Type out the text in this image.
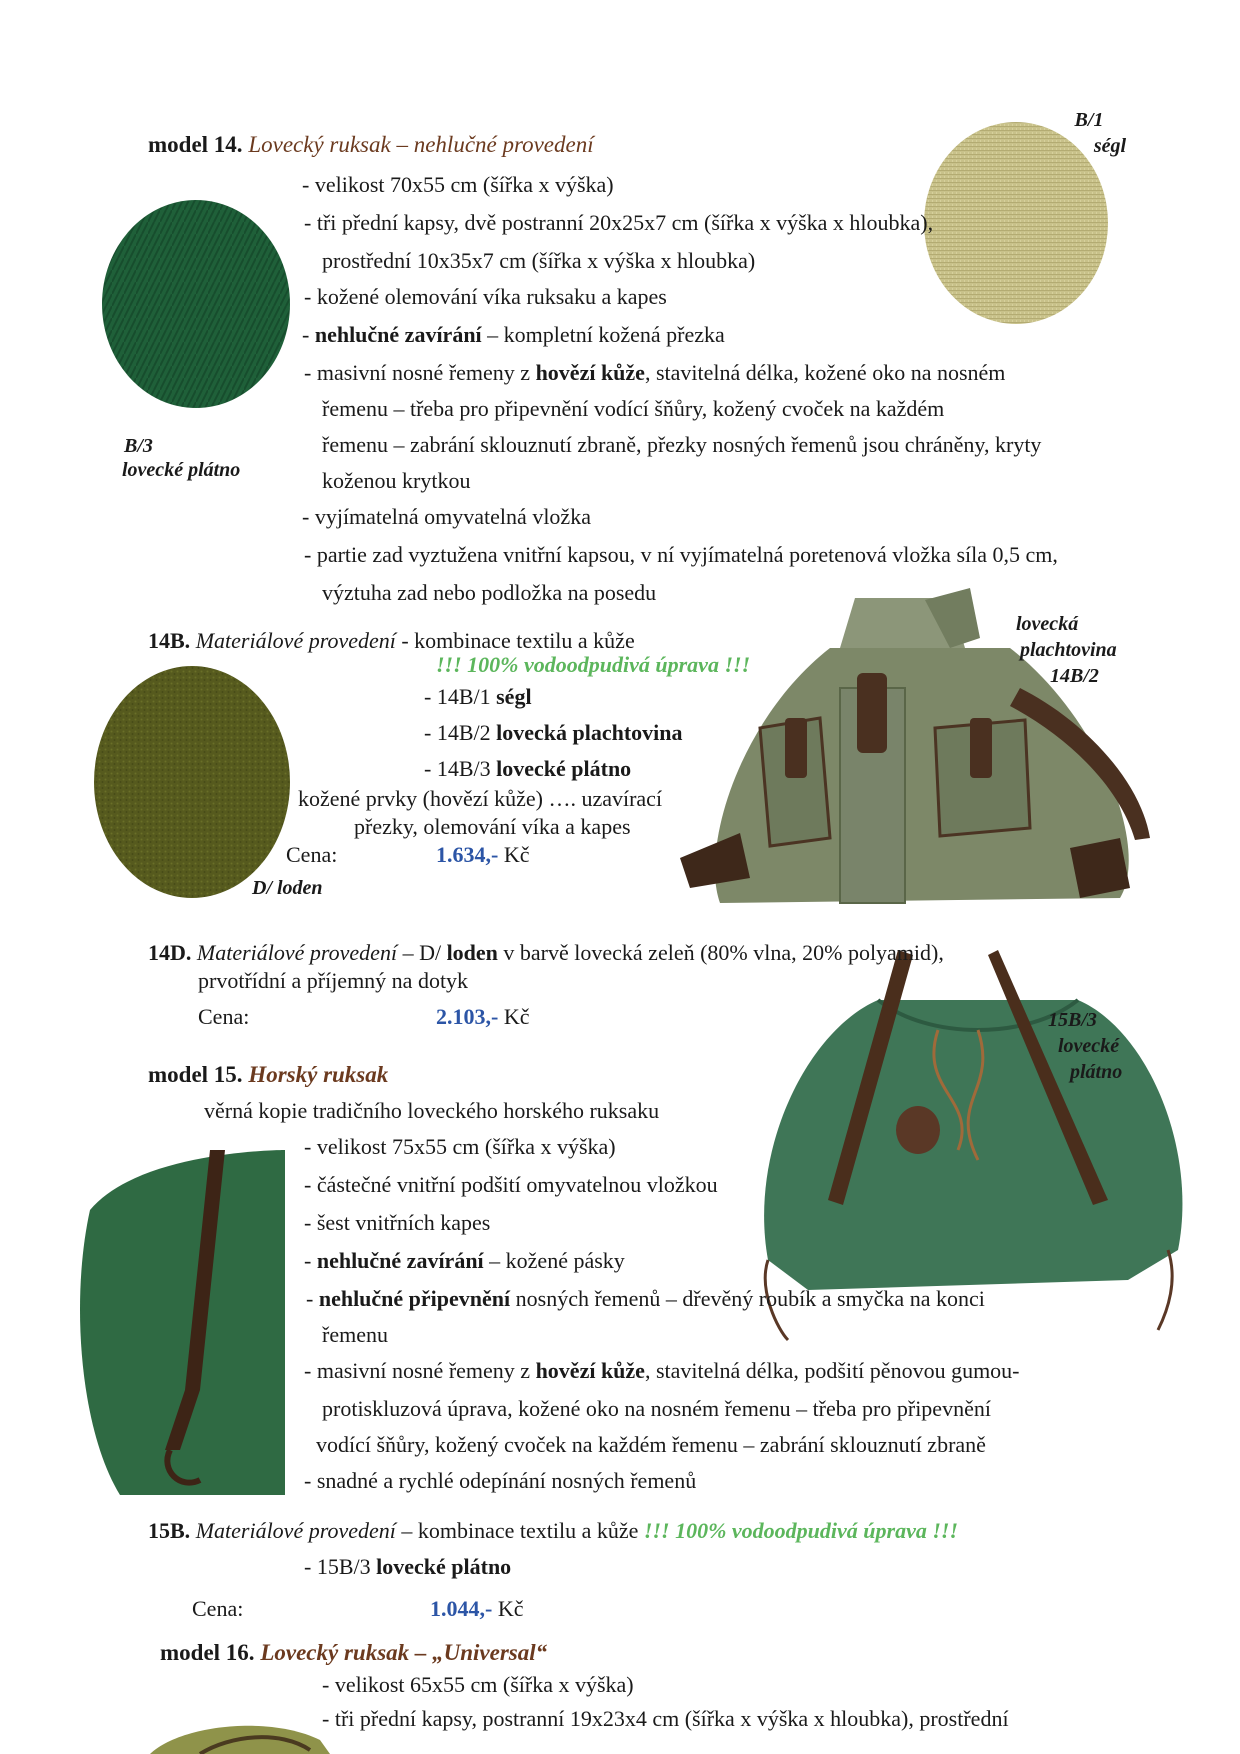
B/1
ségl
B/3
lovecké plátno
lovecká
plachtovina
14B/2
D/ loden
15B/3
lovecké
plátno
model 14. Lovecký ruksak – nehlučné provedení
- velikost 70x55 cm (šířka x výška)
- tři přední kapsy, dvě postranní 20x25x7 cm (šířka x výška x hloubka),
prostřední 10x35x7 cm (šířka x výška x hloubka)
- kožené olemování víka ruksaku a kapes
- nehlučné zavírání – kompletní kožená přezka
- masivní nosné řemeny z hovězí kůže, stavitelná délka, kožené oko na nosném
řemenu – třeba pro připevnění vodící šňůry, kožený cvoček na každém
řemenu – zabrání sklouznutí zbraně, přezky nosných řemenů jsou chráněny, kryty
koženou krytkou
- vyjímatelná omyvatelná vložka
- partie zad vyztužena vnitřní kapsou, v ní vyjímatelná poretenová vložka síla 0,5 cm,
výztuha zad nebo podložka na posedu
14B. Materiálové provedení - kombinace textilu a kůže
!!! 100% vodoodpudivá úprava !!!
- 14B/1 ségl
- 14B/2 lovecká plachtovina
- 14B/3 lovecké plátno
kožené prvky (hovězí kůže) …. uzavírací
přezky, olemování víka a kapes
Cena:	1.634,- Kč
14D. Materiálové provedení – D/ loden v barvě lovecká zeleň (80% vlna, 20% polyamid),
prvotřídní a příjemný na dotyk
Cena:	2.103,- Kč
model 15. Horský ruksak
věrná kopie tradičního loveckého horského ruksaku
- velikost 75x55 cm (šířka x výška)
- částečné vnitřní podšití omyvatelnou vložkou
- šest vnitřních kapes
- nehlučné zavírání – kožené pásky
- nehlučné připevnění nosných řemenů – dřevěný roubík a smyčka na konci
řemenu
- masivní nosné řemeny z hovězí kůže, stavitelná délka, podšití pěnovou gumou-
protiskluzová úprava, kožené oko na nosném řemenu – třeba pro připevnění
vodící šňůry, kožený cvoček na každém řemenu – zabrání sklouznutí zbraně
- snadné a rychlé odepínání nosných řemenů
15B. Materiálové provedení – kombinace textilu a kůže !!! 100% vodoodpudivá úprava !!!
- 15B/3 lovecké plátno
Cena:	1.044,- Kč
model 16. Lovecký ruksak – „Universal“
- velikost 65x55 cm (šířka x výška)
- tři přední kapsy, postranní 19x23x4 cm (šířka x výška x hloubka), prostřední
